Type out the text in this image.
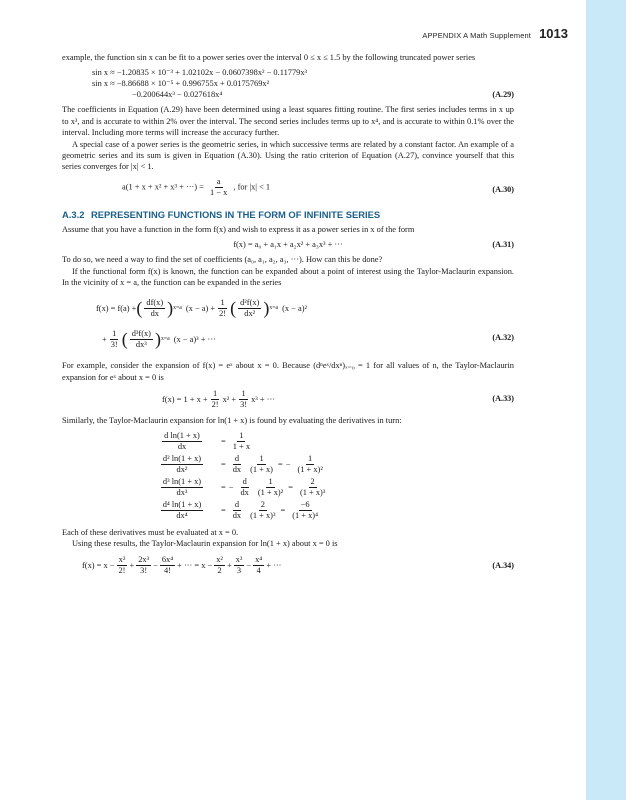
APPENDIX A Math Supplement 1013

example, the function sin x can be fit to a power series over the interval 0 ≤ x ≤ 1.5 by the following truncated power series

sin x ≈ −1.20835 × 10⁻³ + 1.02102x − 0.0607398x² − 0.11779x³
sin x ≈ −8.86688 × 10⁻⁵ + 0.996755x + 0.0175769x²
−0.200644x³ − 0.027618x⁴	(A.29)

The coefficients in Equation (A.29) have been determined using a least squares fitting routine. The first series includes terms in x up to x³, and is accurate to within 2% over the interval. The second series includes terms up to x⁴, and is accurate to within 0.1% over the interval. Including more terms will increase the accuracy further.

A special case of a power series is the geometric series, in which successive terms are related by a constant factor. An example of a geometric series and its sum is given in Equation (A.30). Using the ratio criterion of Equation (A.27), convince yourself that this series converges for |x| < 1.

a(1 + x + x² + x³ + ···) = $\frac{a}{1 - x}$ , for |x| < 1	(A.30)
A.3.2 REPRESENTING FUNCTIONS IN THE FORM OF INFINITE SERIES

Assume that you have a function in the form f(x) and wish to express it as a power series in x of the form

f(x) = a₀ + a₁x + a₂x² + a₃x³ + ···	(A.31)

To do so, we need a way to find the set of coefficients (a₀, a₁, a₂, a₃, ···). How can this be done?

If the functional form f(x) is known, the function can be expanded about a point of interest using the Taylor-Maclaurin expansion. In the vicinity of x = a, the function can be expanded in the series

f(x) = f(a) + ( $\frac{df(x)}{dx}$ ) x=a $(x - a) + \frac{1}{2!}$ ( $\frac{\text{d²f(x)}}{\text{dx²}}$ ) x=a (x − a)²
+ $\frac{1}{3!}$ ( $\frac{\text{d³f(x)}}{\text{dx³}}$ ) x=a (x − a)³ + ···	(A.32)

For example, consider the expansion of f(x) = eˣ about x = 0. Because (dⁿeˣ/dxⁿ)ₓ₌₀ = 1 for all values of n, the Taylor-Maclaurin expansion for eˣ about x = 0 is

$f(x) = 1 + x + \frac{1}{2!} x^2 + \frac{1}{3!} x^3$ + ···	(A.33)

Similarly, the Taylor-Maclaurin expansion for ln(1 + x) is found by evaluating the derivatives in turn:

$\frac{\text{d ln(1 + x)}}{dx} = \frac{1}{1 + x}$
$\frac{\text{d² ln(1 + x)}}{\text{dx²}} = \frac{d}{dx} \frac{1}{(1 + x)}$ = − $\frac{1}{\text{(1 + x)²}}$
$\frac{\text{d³ ln(1 + x)}}{\text{dx³}}$ = − $\frac{d}{dx} \frac{1}{\text{(1 + x)²}} = \frac{2}{\text{(1 + x)³}}$
$\frac{\text{d⁴ ln(1 + x)}}{\text{dx⁴}} = \frac{d}{dx} \frac{2}{\text{(1 + x)³}} = \frac{-6}{\text{(1 + x)⁴}}$

Each of these derivatives must be evaluated at x = 0.

Using these results, the Taylor-Maclaurin expansion for ln(1 + x) about x = 0 is

$f(x) = x - \frac{\text{x²}}{2!} + \frac{\text{2x³}}{3!} - \frac{\text{6x⁴}}{4!}$ + ··· = $x - \frac{\text{x²}}{2} + \frac{\text{x³}}{3} - \frac{\text{x⁴}}{4}$ + ···	(A.34)
